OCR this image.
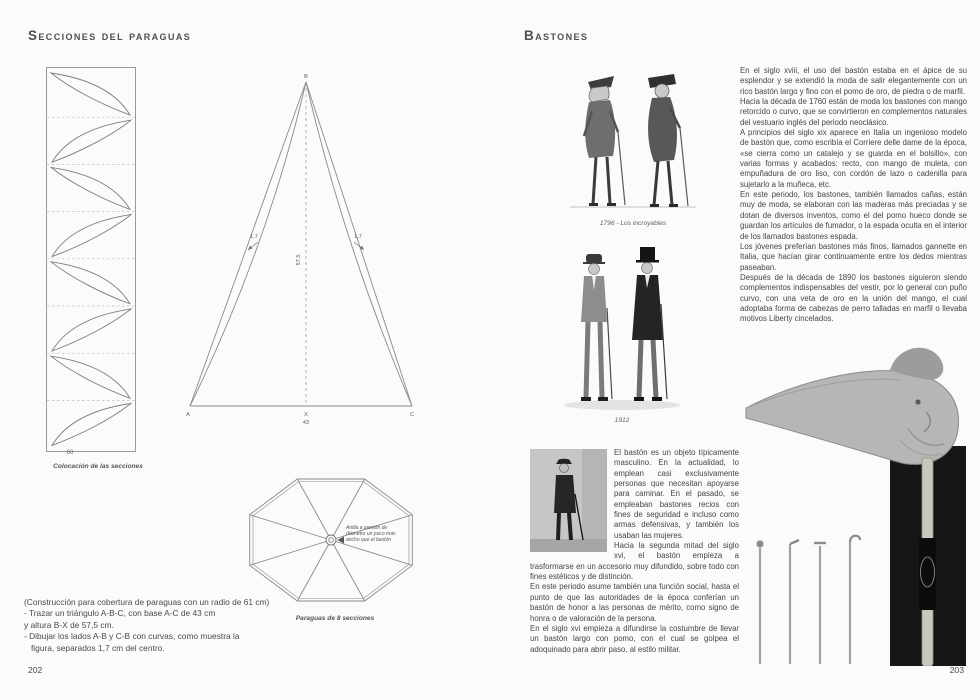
Secciones del paraguas
60
Colocación de las secciones
B
A	X	C
43
1,7	1,7
57,5
Anilla a presión de diámetro un poco más ancho que el bastón
Paraguas de 8 secciones
(Construcción para cobertura de paraguas con un radio de 61 cm)
- Trazar un triángulo A-B-C, con base A-C de 43 cm
y altura B-X de 57,5 cm.
- Dibujar los lados A-B y C-B con curvas, como muestra la
figura, separados 1,7 cm del centro.
202
Bastones
1796 - Los incroyables
1912

En el siglo xviii, el uso del bastón estaba en el ápice de su esplendor y se extendió la moda de salir elegantemente con un rico bastón largo y fino con el pomo de oro, de piedra o de marfil.

Hacia la década de 1760 están de moda los bastones con mango retorcido o curvo, que se convirtieron en complementos naturales del vestuario inglés del periodo neoclásico.

A principios del siglo xix aparece en Italia un ingenioso modelo de bastón que, como escribía el Corriere delle dame de la época, «se cierra como un catalejo y se guarda en el bolsillo», con varias formas y acabados: recto, con mango de muleta, con empuñadura de oro liso, con cordón de lazo o cadenilla para sujetarlo a la muñeca, etc.

En este periodo, los bastones, también llamados cañas, están muy de moda, se elaboran con las maderas más preciadas y se dotan de diversos inventos, como el del pomo hueco donde se guardan los artículos de fumador, o la espada oculta en el interior de los llamados bastones espada.

Los jóvenes preferían bastones más finos, llamados gannette en Italia, que hacían girar continuamente entre los dedos mientras paseaban.

Después de la década de 1890 los bastones siguieron siendo complementos indispensables del vestir, por lo general con puño curvo, con una veta de oro en la unión del mango, el cual adoptaba forma de cabezas de perro talladas en marfil o llevaba motivos Liberty cincelados.

El bastón es un objeto típicamente masculino. En la actualidad, lo emplean casi exclusivamente personas que necesitan apoyarse para caminar. En el pasado, se empleaban bastones recios con fines de seguridad e incluso como armas defensivas, y también los usaban las mujeres.

Hacia la segunda mitad del siglo xvi, el bastón empieza a trasformarse en un accesorio muy difundido, sobre todo con fines estéticos y de distinción.

En este periodo asume también una función social, hasta el punto de que las autoridades de la época conferían un bastón de honor a las personas de mérito, como signo de honra o de valoración de la persona.

En el siglo xvi empieza a difundirse la costumbre de llevar un bastón largo con pomo, con el cual se golpea el adoquinado para abrir paso, al estilo militar.

203
